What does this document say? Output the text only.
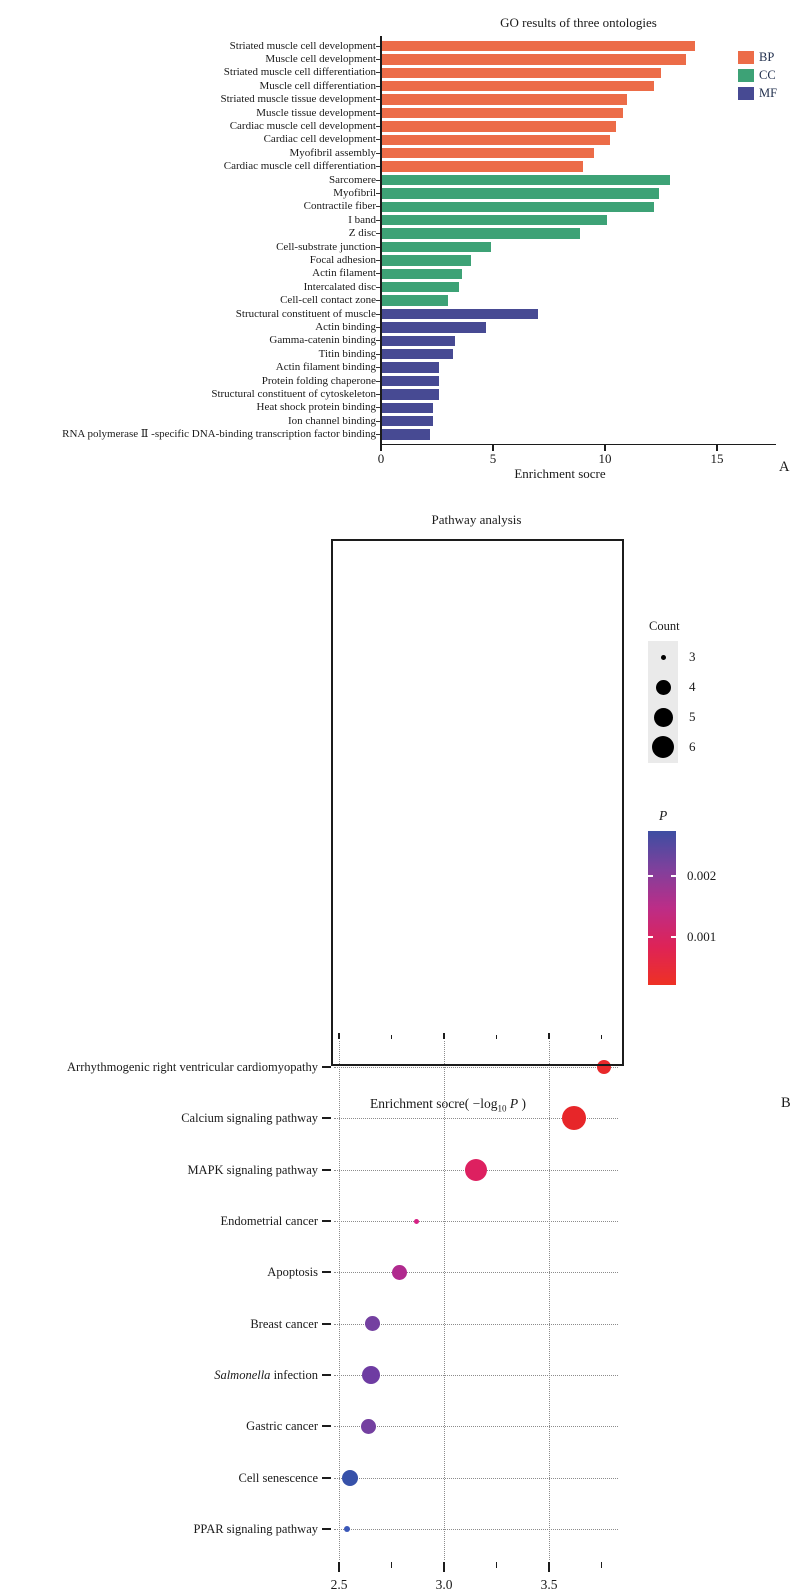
GO results of three ontologies
Striated muscle cell development
Muscle cell development
Striated muscle cell differentiation
Muscle cell differentiation
Striated muscle tissue development
Muscle tissue development
Cardiac muscle cell development
Cardiac cell development
Myofibril assembly
Cardiac muscle cell differentiation
Sarcomere
Myofibril
Contractile fiber
I band
Z disc
Cell-substrate junction
Focal adhesion
Actin filament
Intercalated disc
Cell-cell contact zone
Structural constituent of muscle
Actin binding
Gamma-catenin binding
Titin binding
Actin filament binding
Protein folding chaperone
Structural constituent of cytoskeleton
Heat shock protein binding
Ion channel binding
RNA polymerase Ⅱ -specific DNA-binding transcription factor binding
0	5	10	15
Enrichment socre
BP
CC
MF
A
Pathway analysis
Arrhythmogenic right ventricular cardiomyopathy
Calcium signaling pathway
MAPK signaling pathway
Endometrial cancer
Apoptosis
Breast cancer
Salmonella infection
Gastric cancer
Cell senescence
PPAR signaling pathway
2.5	3.0	3.5
Enrichment socre( $-\log_{10}$ P )
Count
3
4
5
6
P
0.002
0.001
B
